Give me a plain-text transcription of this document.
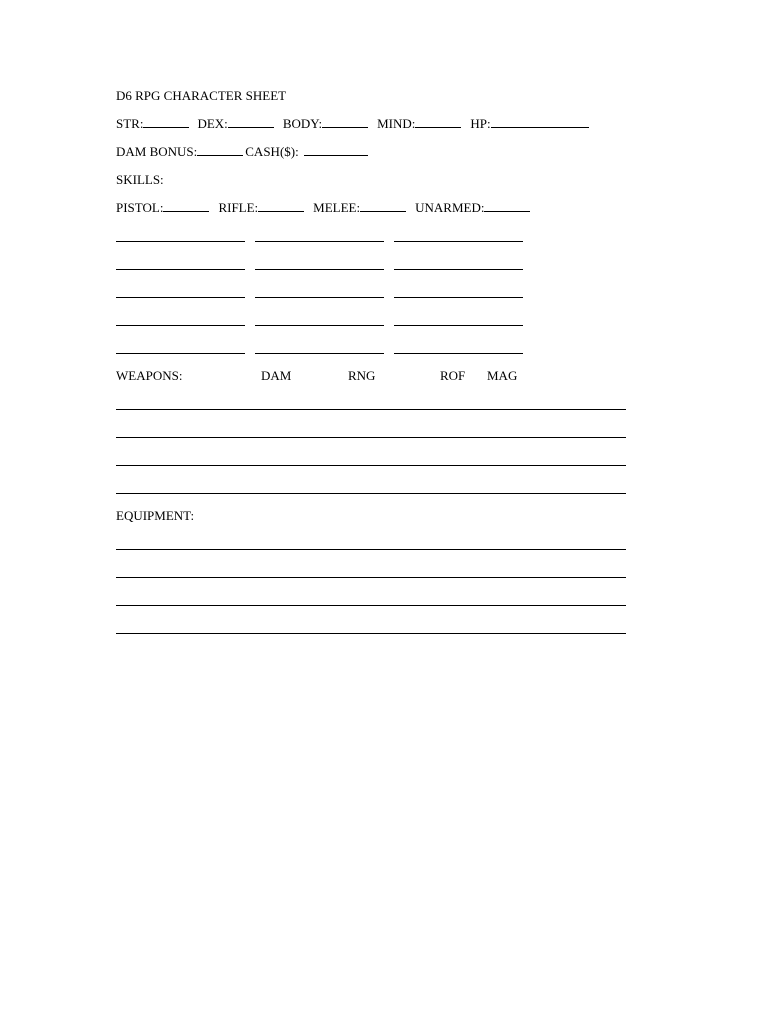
D6 RPG CHARACTER SHEET
STR:	DEX:	BODY:	MIND:	HP:
DAM BONUS:	CASH($):
SKILLS:
PISTOL:	RIFLE:	MELEE:	UNARMED:
WEAPONS:	DAM	RNG	ROF MAG
EQUIPMENT:
